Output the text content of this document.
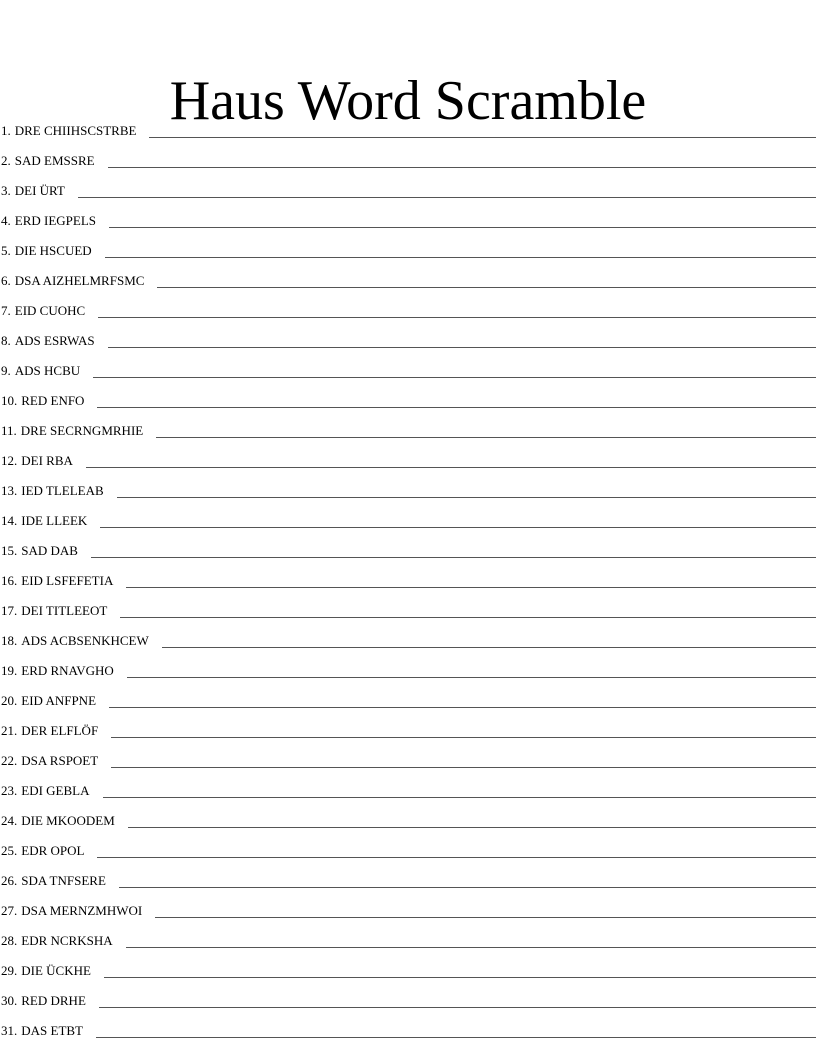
Haus Word Scramble
1. DRE CHIIHSCSTRBE
2. SAD EMSSRE
3. DEI ÜRT
4. ERD IEGPELS
5. DIE HSCUED
6. DSA AIZHELMRFSMC
7. EID CUOHC
8. ADS ESRWAS
9. ADS HCBU
10. RED ENFO
11. DRE SECRNGMRHIE
12. DEI RBA
13. IED TLELEAB
14. IDE LLEEK
15. SAD DAB
16. EID LSFEFETIA
17. DEI TITLEEOT
18. ADS ACBSENKHCEW
19. ERD RNAVGHO
20. EID ANFPNE
21. DER ELFLÖF
22. DSA RSPOET
23. EDI GEBLA
24. DIE MKOODEM
25. EDR OPOL
26. SDA TNFSERE
27. DSA MERNZMHWOI
28. EDR NCRKSHA
29. DIE ÜCKHE
30. RED DRHE
31. DAS ETBT
